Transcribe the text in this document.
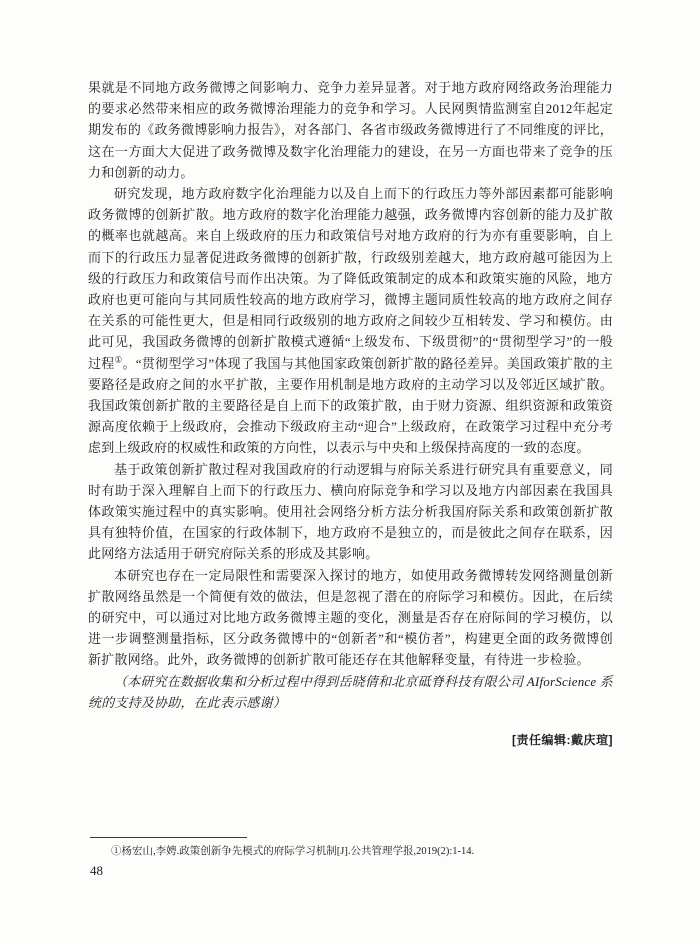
果就是不同地方政务微博之间影响力、竞争力差异显著。对于地方政府网络政务治理能力的要求必然带来相应的政务微博治理能力的竞争和学习。人民网舆情监测室自2012年起定期发布的《政务微博影响力报告》，对各部门、各省市级政务微博进行了不同维度的评比，这在一方面大大促进了政务微博及数字化治理能力的建设，在另一方面也带来了竞争的压力和创新的动力。

研究发现，地方政府数字化治理能力以及自上而下的行政压力等外部因素都可能影响政务微博的创新扩散。地方政府的数字化治理能力越强，政务微博内容创新的能力及扩散的概率也就越高。来自上级政府的压力和政策信号对地方政府的行为亦有重要影响，自上而下的行政压力显著促进政务微博的创新扩散，行政级别差越大，地方政府越可能因为上级的行政压力和政策信号而作出决策。为了降低政策制定的成本和政策实施的风险，地方政府也更可能向与其同质性较高的地方政府学习，微博主题同质性较高的地方政府之间存在关系的可能性更大，但是相同行政级别的地方政府之间较少互相转发、学习和模仿。由此可见，我国政务微博的创新扩散模式遵循“上级发布、下级贯彻”的“贯彻型学习”的一般过程①。“贯彻型学习”体现了我国与其他国家政策创新扩散的路径差异。美国政策扩散的主要路径是政府之间的水平扩散，主要作用机制是地方政府的主动学习以及邻近区域扩散。我国政策创新扩散的主要路径是自上而下的政策扩散，由于财力资源、组织资源和政策资源高度依赖于上级政府，会推动下级政府主动“迎合”上级政府，在政策学习过程中充分考虑到上级政府的权威性和政策的方向性，以表示与中央和上级保持高度的一致的态度。

基于政策创新扩散过程对我国政府的行动逻辑与府际关系进行研究具有重要意义，同时有助于深入理解自上而下的行政压力、横向府际竞争和学习以及地方内部因素在我国具体政策实施过程中的真实影响。使用社会网络分析方法分析我国府际关系和政策创新扩散具有独特价值，在国家的行政体制下，地方政府不是独立的，而是彼此之间存在联系，因此网络方法适用于研究府际关系的形成及其影响。

本研究也存在一定局限性和需要深入探讨的地方，如使用政务微博转发网络测量创新扩散网络虽然是一个简便有效的做法，但是忽视了潜在的府际学习和模仿。因此，在后续的研究中，可以通过对比地方政务微博主题的变化，测量是否存在府际间的学习模仿，以进一步调整测量指标，区分政务微博中的“创新者”和“模仿者”，构建更全面的政务微博创新扩散网络。此外，政务微博的创新扩散可能还存在其他解释变量，有待进一步检验。

（本研究在数据收集和分析过程中得到岳晓倩和北京砥脊科技有限公司 AIforScience 系统的支持及协助，在此表示感谢）

[责任编辑:戴庆瑄]

①杨宏山,李娉.政策创新争先模式的府际学习机制[J].公共管理学报,2019(2):1-14.

48
